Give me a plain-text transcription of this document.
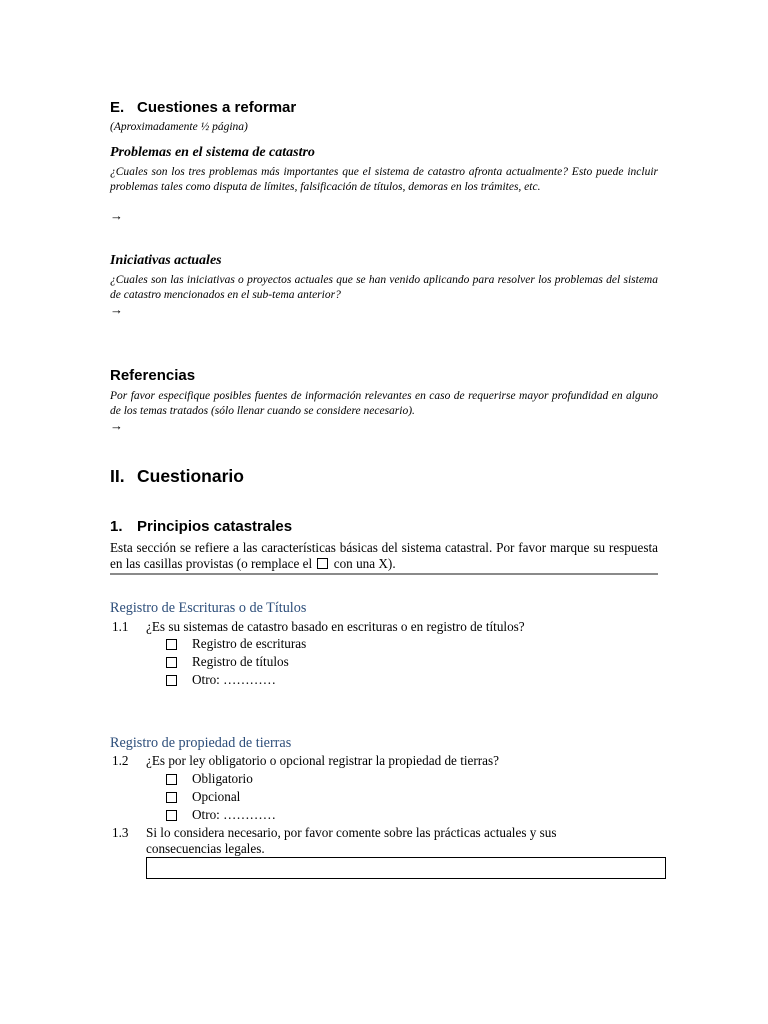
E. Cuestiones a reformar
(Aproximadamente ½ página)
Problemas en el sistema de catastro
¿Cuales son los tres problemas más importantes que el sistema de catastro afronta actualmente? Esto puede incluir problemas tales como disputa de límites, falsificación de títulos, demoras en los trámites, etc.
→
Iniciativas actuales
¿Cuales son las iniciativas o proyectos actuales que se han venido aplicando para resolver los problemas del sistema de catastro mencionados en el sub-tema anterior?
→
Referencias
Por favor especifique posibles fuentes de información relevantes en caso de requerirse mayor profundidad en alguno de los temas tratados (sólo llenar cuando se considere necesario).
→
II. Cuestionario
1. Principios catastrales
Esta sección se refiere a las características básicas del sistema catastral. Por favor marque su respuesta en las casillas provistas (o remplace el con una X).
Registro de Escrituras o de Títulos
1.1 ¿Es su sistemas de catastro basado en escrituras o en registro de títulos?
Registro de escrituras
Registro de títulos
Otro: …………
Registro de propiedad de tierras
1.2 ¿Es por ley obligatorio o opcional registrar la propiedad de tierras?
Obligatorio
Opcional
Otro: …………
1.3 Si lo considera necesario, por favor comente sobre las prácticas actuales y sus
consecuencias legales.
